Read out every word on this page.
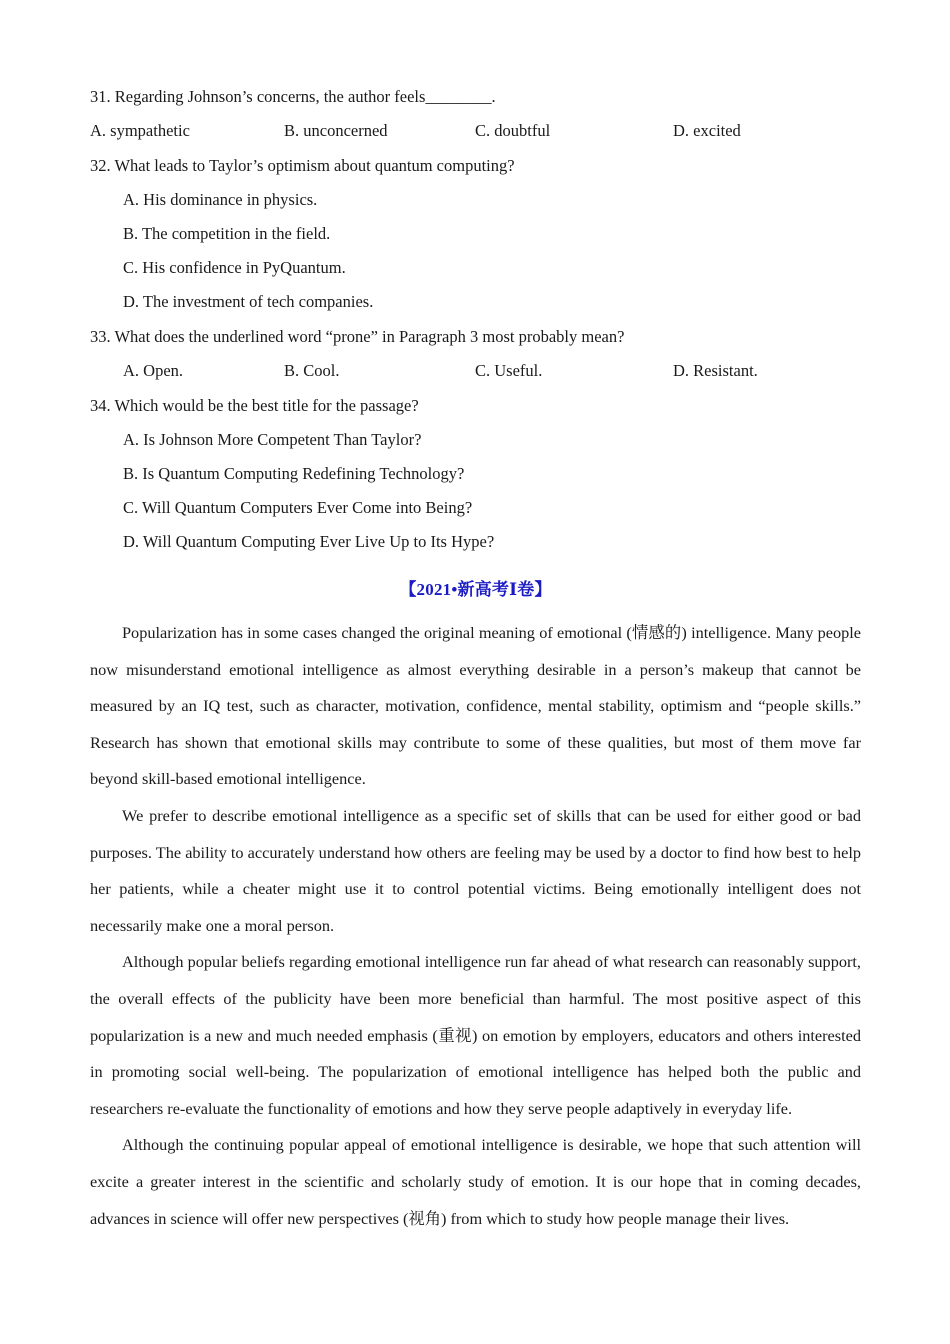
31. Regarding Johnson’s concerns, the author feels ________ .
A. sympathetic	B. unconcerned	C. doubtful	D. excited
32. What leads to Taylor’s optimism about quantum computing?
A. His dominance in physics.
B. The competition in the field.
C. His confidence in PyQuantum.
D. The investment of tech companies.
33. What does the underlined word “prone” in Paragraph 3 most probably mean?
A. Open.	B. Cool.	C. Useful.	D. Resistant.
34. Which would be the best title for the passage?
A. Is Johnson More Competent Than Taylor?
B. Is Quantum Computing Redefining Technology?
C. Will Quantum Computers Ever Come into Being?
D. Will Quantum Computing Ever Live Up to Its Hype?
【2021•新高考Ⅰ卷】

Popularization has in some cases changed the original meaning of emotional (情感的) intelligence. Many people now misunderstand emotional intelligence as almost everything desirable in a person’s makeup that cannot be measured by an IQ test, such as character, motivation, confidence, mental stability, optimism and “people skills.” Research has shown that emotional skills may contribute to some of these qualities, but most of them move far beyond skill-based emotional intelligence.

We prefer to describe emotional intelligence as a specific set of skills that can be used for either good or bad purposes. The ability to accurately understand how others are feeling may be used by a doctor to find how best to help her patients, while a cheater might use it to control potential victims. Being emotionally intelligent does not necessarily make one a moral person.

Although popular beliefs regarding emotional intelligence run far ahead of what research can reasonably support, the overall effects of the publicity have been more beneficial than harmful. The most positive aspect of this popularization is a new and much needed emphasis (重视) on emotion by employers, educators and others interested in promoting social well-being. The popularization of emotional intelligence has helped both the public and researchers re-evaluate the functionality of emotions and how they serve people adaptively in everyday life.

Although the continuing popular appeal of emotional intelligence is desirable, we hope that such attention will excite a greater interest in the scientific and scholarly study of emotion. It is our hope that in coming decades, advances in science will offer new perspectives (视角) from which to study how people manage their lives.
